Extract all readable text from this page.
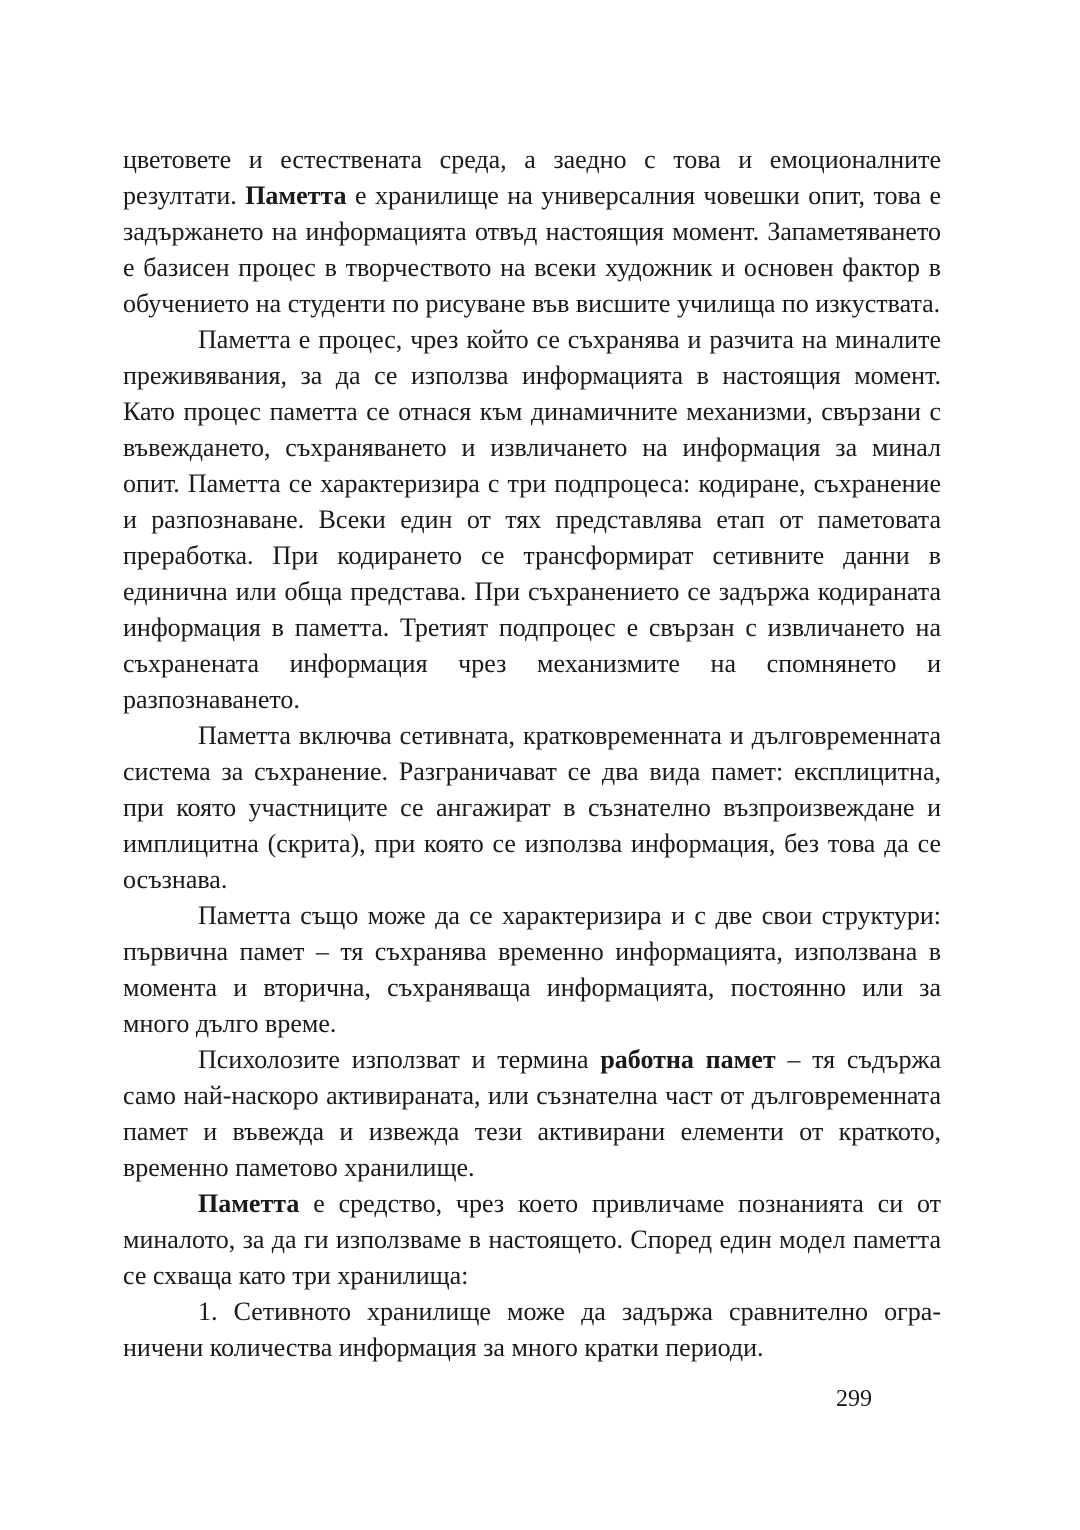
цветовете и естествената среда, а заедно с това и емоционалните резултати. Паметта е хранилище на универсалния човешки опит, това е задържането на информацията отвъд настоящия момент. Запаметяването е базисен процес в творчеството на всеки художник и основен фактор в обучението на студенти по рисуване във висшите училища по изкуствата.

Паметта е процес, чрез който се съхранява и разчита на миналите преживявания, за да се използва информацията в настоящия момент. Като процес паметта се отнася към динамичните механизми, свързани с въвеждането, съхраняването и извличането на информация за минал опит. Паметта се характеризира с три подпроцеса: кодиране, съхранение и разпознаване. Всеки един от тях представлява етап от паметовата преработка. При кодирането се трансформират сетивните данни в единична или обща представа. При съхранението се задържа кодираната информация в паметта. Третият подпроцес е свързан с извличането на съхранената информация чрез механизмите на спомнянето и разпознаването.

Паметта включва сетивната, кратковременната и дълговременната система за съхранение. Разграничават се два вида памет: експлицитна, при която участниците се ангажират в съзнателно възпроизвеждане и имплицитна (скрита), при която се използва информация, без това да се осъзнава.

Паметта също може да се характеризира и с две свои структури: първична памет – тя съхранява временно информацията, използвана в момента и вторична, съхраняваща информацията, постоянно или за много дълго време.

Психолозите използват и термина работна памет – тя съдържа само най-наскоро активираната, или съзнателна част от дълговременната памет и въвежда и извежда тези активирани елементи от краткото, временно паметово хранилище.

Паметта е средство, чрез което привличаме познанията си от миналото, за да ги използваме в настоящето. Според един модел паметта се схваща като три хранилища:

1. Сетивното хранилище може да задържа сравнително ограничени количества информация за много кратки периоди.

299
